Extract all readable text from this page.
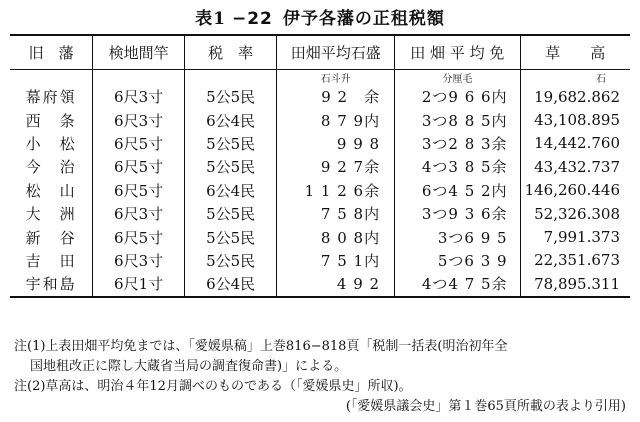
表1 −22 伊予各藩の正租税額
旧　藩	検地間竿	税　率	田畑平均石盛	田 畑 平 均 免	草　　高
			石斗升	分厘毛	石
幕府領	6尺3寸	5公5民	9 2　余	2つ9 6 6内	19,682.862
西　条	6尺3寸	6公4民	8 7 9内	3つ8 8 5内	43,108.895
小　松	6尺5寸	5公5民	9 9 8　	3つ2 8 3余	14,442.760
今　治	6尺5寸	5公5民	9 2 7余	4つ3 8 5余	43,432.737
松　山	6尺5寸	6公4民	1 1 2 6余	6つ4 5 2内	146,260.446
大　洲	6尺3寸	5公5民	7 5 8内	3つ9 3 6余	52,326.308
新　谷	6尺5寸	5公5民	8 0 8内	3つ6 9 5　	7,991.373
吉　田	6尺3寸	5公5民	7 5 1内	5つ6 3 9　	22,351.673
宇和島	6尺1寸	6公4民	4 9 2　	4つ4 7 5余	78,895.311

注(1)上表田畑平均免までは、「愛媛県稿」上巻816−818頁「税制一括表(明治初年全

国地租改正に際し大蔵省当局の調査復命書)」による。

注(2)草高は、明治４年12月調べのものである（「愛媛県史」所収)。

(「愛媛県議会史」第１巻65頁所載の表より引用)
